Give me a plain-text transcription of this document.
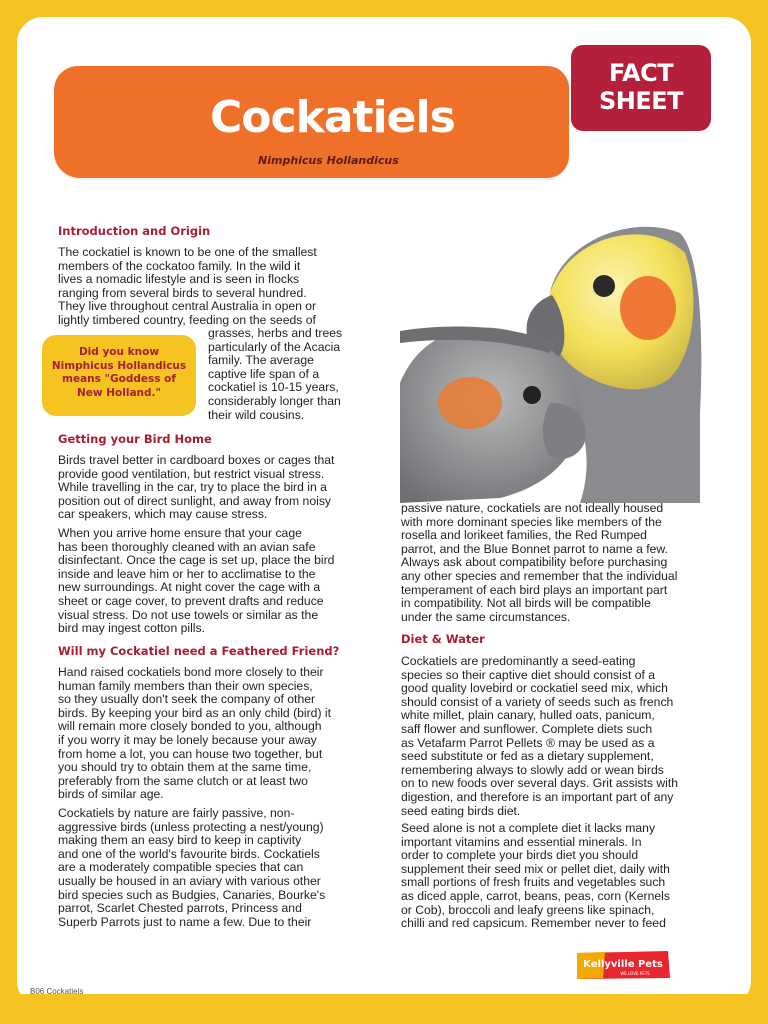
Cockatiels
Nimphicus Hollandicus
FACT
SHEET
Introduction and Origin
The cockatiel is known to be one of the smallest
members of the cockatoo family. In the wild it
lives a nomadic lifestyle and is seen in flocks
ranging from several birds to several hundred.
They live throughout central Australia in open or
lightly timbered country, feeding on the seeds of
grasses, herbs and trees
particularly of the Acacia
family. The average
captive life span of a
cockatiel is 10-15 years,
considerably longer than
their wild cousins.
Did you know
Nimphicus Hollandicus
means "Goddess of
New Holland."
Getting your Bird Home
Birds travel better in cardboard boxes or cages that
provide good ventilation, but restrict visual stress.
While travelling in the car, try to place the bird in a
position out of direct sunlight, and away from noisy
car speakers, which may cause stress.
When you arrive home ensure that your cage
has been thoroughly cleaned with an avian safe
disinfectant. Once the cage is set up, place the bird
inside and leave him or her to acclimatise to the
new surroundings. At night cover the cage with a
sheet or cage cover, to prevent drafts and reduce
visual stress. Do not use towels or similar as the
bird may ingest cotton pills.
Will my Cockatiel need a Feathered Friend?
Hand raised cockatiels bond more closely to their
human family members than their own species,
so they usually don't seek the company of other
birds. By keeping your bird as an only child (bird) it
will remain more closely bonded to you, although
if you worry it may be lonely because your away
from home a lot, you can house two together, but
you should try to obtain them at the same time,
preferably from the same clutch or at least two
birds of similar age.
Cockatiels by nature are fairly passive, non-
aggressive birds (unless protecting a nest/young)
making them an easy bird to keep in captivity
and one of the world's favourite birds. Cockatiels
are a moderately compatible species that can
usually be housed in an aviary with various other
bird species such as Budgies, Canaries, Bourke's
parrot, Scarlet Chested parrots, Princess and
Superb Parrots just to name a few. Due to their
passive nature, cockatiels are not ideally housed
with more dominant species like members of the
rosella and lorikeet families, the Red Rumped
parrot, and the Blue Bonnet parrot to name a few.
Always ask about compatibility before purchasing
any other species and remember that the individual
temperament of each bird plays an important part
in compatibility. Not all birds will be compatible
under the same circumstances.
Diet & Water
Cockatiels are predominantly a seed-eating
species so their captive diet should consist of a
good quality lovebird or cockatiel seed mix, which
should consist of a variety of seeds such as french
white millet, plain canary, hulled oats, panicum,
saff flower and sunflower. Complete diets such
as Vetafarm Parrot Pellets ® may be used as a
seed substitute or fed as a dietary supplement,
remembering always to slowly add or wean birds
on to new foods over several days. Grit assists with
digestion, and therefore is an important part of any
seed eating birds diet.
Seed alone is not a complete diet it lacks many
important vitamins and essential minerals. In
order to complete your birds diet you should
supplement their seed mix or pellet diet, daily with
small portions of fresh fruits and vegetables such
as diced apple, carrot, beans, peas, corn (Kernels
or Cob), broccoli and leafy greens like spinach,
chilli and red capsicum. Remember never to feed
B06 Cockatiels
Kellyville Pets
WE LOVE PETS
